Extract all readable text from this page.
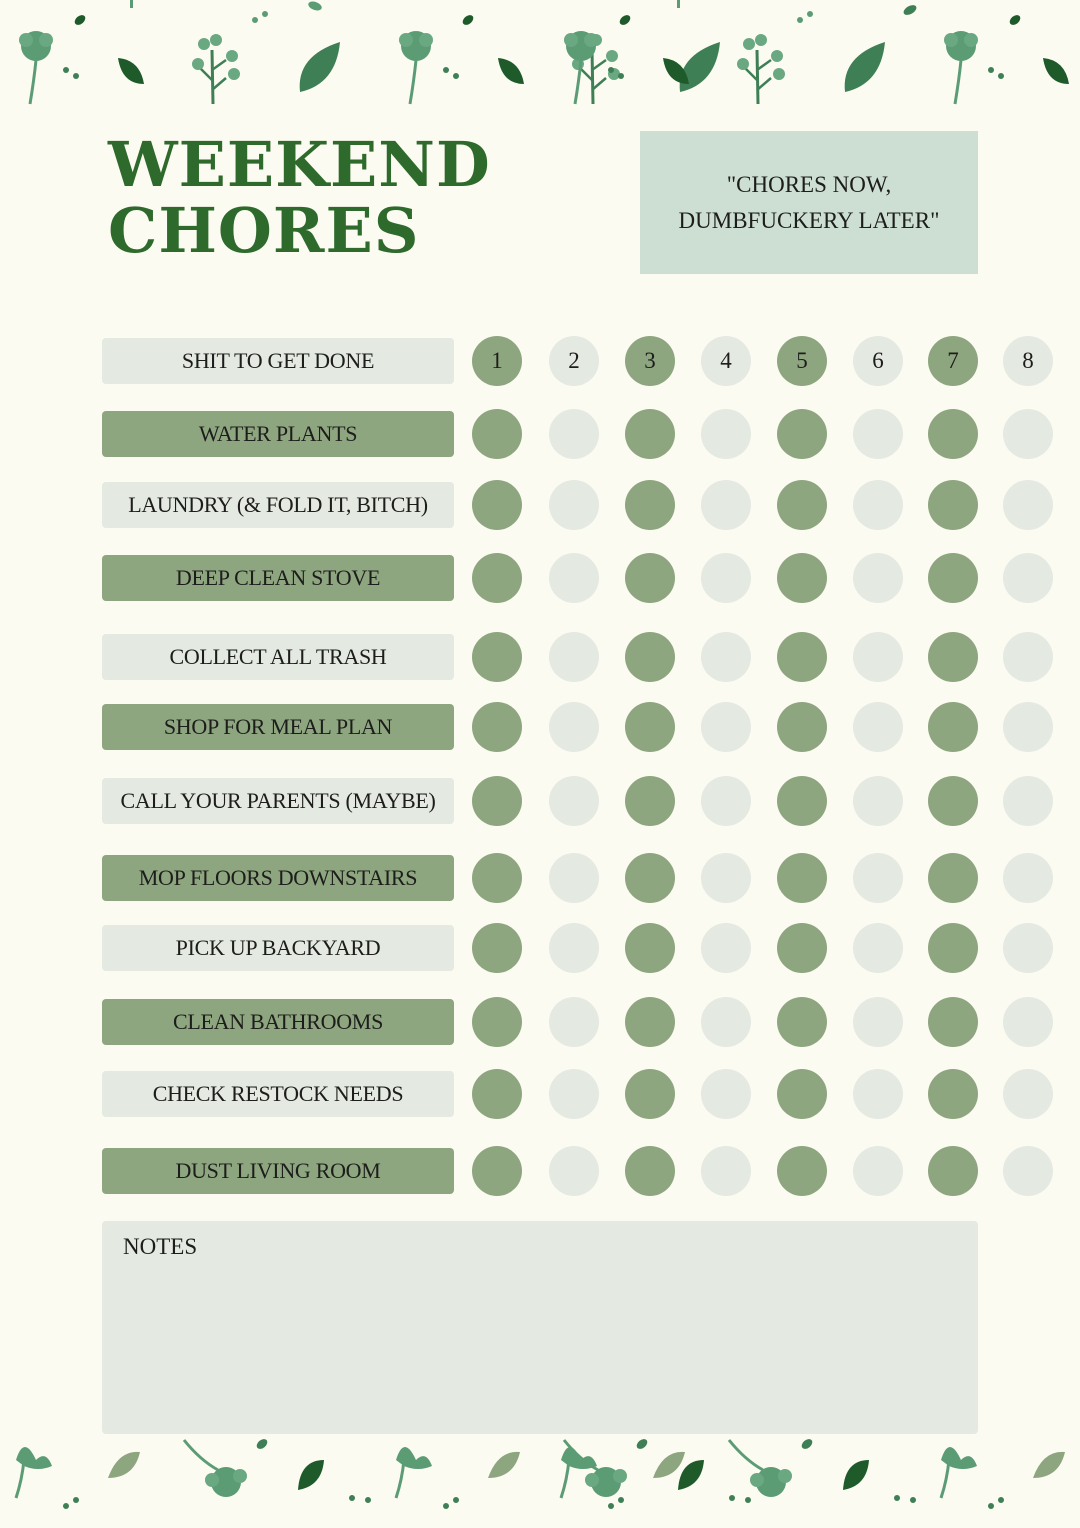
WEEKEND
CHORES

"CHORES NOW,
DUMBFUCKERY LATER"

SHIT TO GET DONE	1	2	3	4	5	6	7	8
WATER PLANTS
LAUNDRY (& FOLD IT, BITCH)
DEEP CLEAN STOVE
COLLECT ALL TRASH
SHOP FOR MEAL PLAN
CALL YOUR PARENTS (MAYBE)
MOP FLOORS DOWNSTAIRS
PICK UP BACKYARD
CLEAN BATHROOMS
CHECK RESTOCK NEEDS
DUST LIVING ROOM
NOTES
